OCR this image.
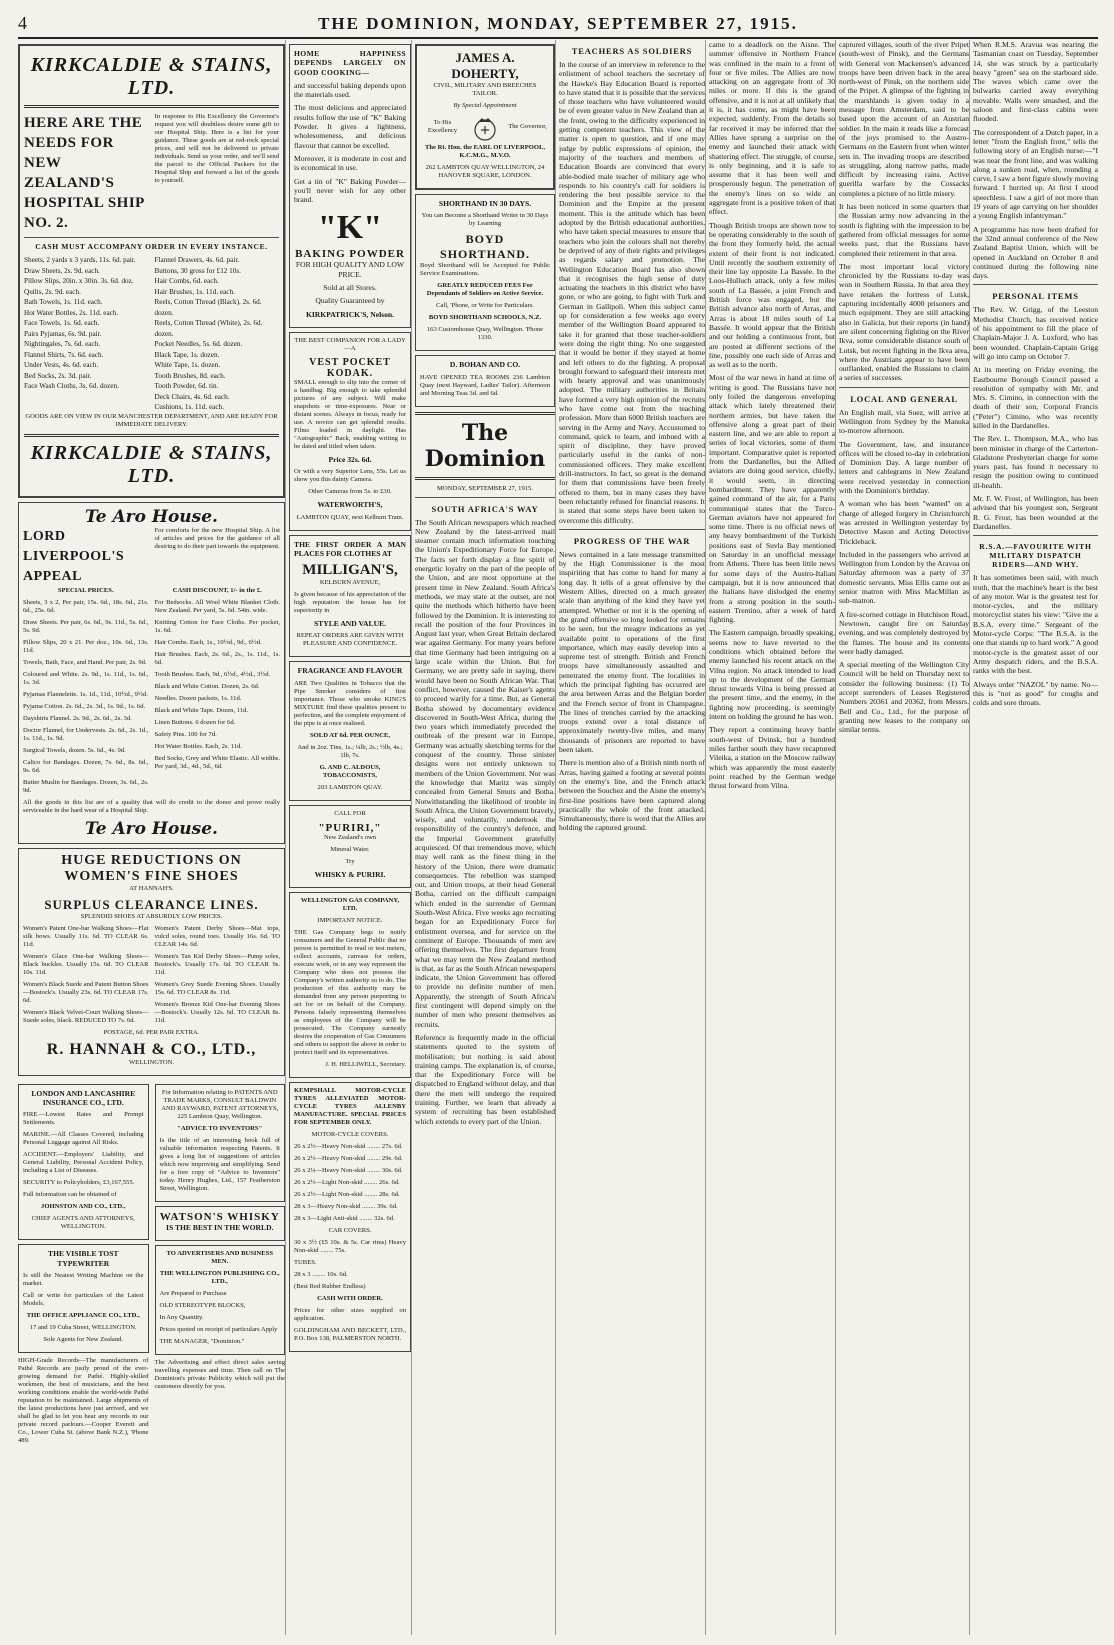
4	THE DOMINION, MONDAY, SEPTEMBER 27, 1915.
KIRKCALDIE & STAINS, LTD.
HERE ARE THE NEEDS FOR NEW ZEALAND'S HOSPITAL SHIP NO. 2.
In response to His Excellency the Governor's request you will doubtless desire some gift to our Hospital Ship. Here is a list for your guidance. These goods are at red-rock special prices, and will not be delivered to private individuals. Send us your order, and we'll send the parcel to the Official Packers for the Hospital Ship and forward a list of the goods to yourself.
CASH MUST ACCOMPANY ORDER IN EVERY INSTANCE.
Sheets, 2 yards x 3 yards, 11s. 6d. pair.
Draw Sheets, 2s. 9d. each.
Pillow Slips, 20in. x 30in. 3s. 6d. doz.
Quilts, 2s. 9d. each.
Bath Towels, 1s. 11d. each.
Hot Water Bottles, 2s. 11d. each.
Face Towels, 1s. 6d. each.
Pairs Pyjamas, 6s. 9d. pair.
Nightingales, 7s. 6d. each.
Flannel Shirts, 7s. 6d. each.
Under Vests, 4s. 6d. each.
Bed Socks, 2s. 3d. pair.
Face Wash Cloths, 3s. 6d. dozen.
Flannel Drawers, 4s. 6d. pair.
Buttons, 30 gross for £12 10s.
Hair Combs, 6d. each.
Hair Brushes, 1s. 11d. each.
Reels, Cotton Thread (Black), 2s. 6d. dozen.
Reels, Cotton Thread (White), 2s. 6d. dozen.
Pocket Needles, 5s. 6d. dozen.
Black Tape, 1s. dozen.
White Tape, 1s. dozen.
Tooth Brushes, 8d. each.
Tooth Powder, 6d. tin.
Deck Chairs, 4s. 6d. each.
Cushions, 1s. 11d. each.
GOODS ARE ON VIEW IN OUR MANCHESTER DEPARTMENT, AND ARE READY FOR IMMEDIATE DELIVERY.
KIRKCALDIE & STAINS, LTD.
Te Aro House.
LORD LIVERPOOL'S APPEAL
For comforts for the new Hospital Ship. A list of articles and prices for the guidance of all desiring to do their part towards the equipment.
SPECIAL PRICES.	CASH DISCOUNT, 1/- in the £.
Sheets, 3 x 2, Per pair, 15s. 6d., 18s. 6d., 21s. 6d., 25s. 6d.
Draw Sheets. Per pair, 6s. 6d., 9s. 11d., 5s. 6d., 5s. 9d.
Pillow Slips, 20 x 21. Per doz., 10s. 6d., 13s. 11d.
Towels, Bath, Face, and Hand. Per pair, 2s. 9d.
Coloured and White. 2s. 9d., 1s. 11d., 1s. 6d., 1s. 3d.
Pyjamas Flannelette. 1s. 1d., 11d., 10½d., 9½d.
Pyjama Cotton. 2s. 6d., 2s. 3d., 1s. 9d., 1s. 6d.
Dayshirts Flannel. 2s. 9d., 2s. 6d., 2s. 3d.
Doctor Flannel, for Undervests. 2s. 6d., 2s. 1d., 1s. 11d., 1s. 9d.
Surgical Towels, dozen. 5s. 6d., 4s. 9d.
Calico for Bandages. Dozen, 7s. 6d., 8s. 6d., 9s. 6d.
Butter Muslin for Bandages. Dozen, 3s. 6d., 2s. 9d.
For Bedsocks. All Wool White Blanket Cloth. New Zealand. Per yard, 5s. 6d. 54in. wide.
Knitting Cotton for Face Cloths. Per pocket, 1s. 6d.
Hair Combs. Each, 1s., 10½d., 9d., 6½d.
Hair Brushes. Each, 2s. 6d., 2s., 1s. 11d., 1s. 6d.
Tooth Brushes. Each, 9d., 6½d., 4½d., 3½d.
Black and White Cotton. Dozen, 2s. 6d.
Needles. Dozen packets, 1s. 11d.
Black and White Tape. Dozen, 11d.
Linen Buttons. 6 dozen for 6d.
Safety Pins. 100 for 7d.
Hot Water Bottles. Each, 2s. 11d.
Bed Socks, Grey and White Elastic. All widths. Per yard, 3d., 4d., 5d., 6d.
All the goods in this list are of a quality that will do credit to the donor and prove really serviceable in the hard wear of a Hospital Ship.
Te Aro House.
HUGE REDUCTIONS ON WOMEN'S FINE SHOES
AT HANNAH'S.
SURPLUS CLEARANCE LINES.
SPLENDID SHOES AT ABSURDLY LOW PRICES.
Women's Patent One-bar Walking Shoes—Flat silk bows. Usually 11s. 6d. TO CLEAR 6s. 11d.
Women's Glace One-bar Walking Shoes—Black buckles. Usually 15s. 6d. TO CLEAR 10s. 11d.
Women's Black Suede and Patent Button Shoes—Bostock's. Usually 23s. 6d. TO CLEAR 17s. 6d.
Women's Black Velvet-Court Walking Shoes—Suede soles, black. REDUCED TO 7s. 6d.
Women's Patent Derby Shoes—Mat tops, vulcd soles, round toes. Usually 16s. 6d. TO CLEAR 14s. 6d.
Women's Tan Kid Derby Shoes—Pump soles, Bostock's. Usually 17s. 6d. TO CLEAR 9s. 11d.
Women's Grey Suede Evening Shoes. Usually 15s. 6d. TO CLEAR 8s. 11d.
Women's Bronze Kid One-bar Evening Shoes—Bostock's. Usually 12s. 6d. TO CLEAR 8s. 11d.
POSTAGE, 6d. PER PAIR EXTRA.
R. HANNAH & CO., LTD.,
WELLINGTON.
LONDON AND LANCASHIRE INSURANCE CO., LTD.
FIRE.—Lowest Rates and Prompt Settlements.
MARINE.—All Classes Covered, including Personal Luggage against All Risks.
ACCIDENT.—Employers' Liability, and General Liability, Personal Accident Policy, including a List of Diseases.
SECURITY to Policyholders, £3,167,555.
Full information can be obtained of
JOHNSTON AND CO., LTD.,
CHIEF AGENTS AND ATTORNEYS, WELLINGTON.
THE VISIBLE TOST TYPEWRITER
Is still the Neatest Writing Machine on the market.
Call or write for particulars of the Latest Models.
THE OFFICE APPLIANCE CO., LTD.,
17 and 19 Cuba Street, WELLINGTON.
Sole Agents for New Zealand.
HIGH-Grade Records—The manufacturers of Pathé Records are justly proud of the ever-growing demand for Pathé. Highly-skilled workmen, the best of musicians, and the best working conditions enable the world-wide Pathé reputation to be maintained. Large shipments of the latest productions have just arrived, and we shall be glad to let you hear any records in our private record parlours.—Cooper Everett and Co., Lower Cuba St. (above Bank N.Z.), 'Phone 489.
For Information relating to PATENTS AND TRADE MARKS, CONSULT BALDWIN AND RAYWARD, PATENT ATTORNEYS, 225 Lambton Quay, Wellington.
"ADVICE TO INVENTORS"
Is the title of an interesting book full of valuable information respecting Patents. It gives a long list of suggestions of articles which now improving and simplifying. Send for a free copy of "Advice to Inventors" today. Henry Hughes, Ltd., 157 Featherston Street, Wellington.
WATSON'S WHISKY
IS THE BEST IN THE WORLD.
TO ADVERTISERS AND BUSINESS MEN.
THE WELLINGTON PUBLISHING CO., LTD.,
Are Prepared to Purchase
OLD STEREOTYPE BLOCKS,
In Any Quantity.
Prices quoted on receipt of particulars Apply
THE MANAGER, "Dominion."
The Advertising and effect direct sales saving travelling expenses and time. Then call on The Dominion's private Publicity which will put the customers directly for you.
HOME HAPPINESS DEPENDS LARGELY ON GOOD COOKING—
and successful baking depends upon the materials used.
The most delicious and appreciated results follow the use of "K" Baking Powder. It gives a lightness, wholesomeness, and delicious flavour that cannot be excelled.
Moreover, it is moderate in cost and is economical in use.
Get a tin of "K" Baking Powder—you'll never wish for any other brand.
"K"
BAKING POWDER
FOR HIGH QUALITY AND LOW PRICE.
Sold at all Stores.
Quality Guaranteed by
KIRKPATRICK'S, Nelson.
THE BEST COMPANION FOR A LADY—A
VEST POCKET KODAK.
SMALL enough to slip into the corner of a handbag. Big enough to take splendid pictures of any subject. Will make snapshots or time-exposures. Near or distant scenes. Always in focus, ready for use. A novice can get splendid results. Films loaded in daylight. Has "Autographic" Back, enabling writing to be dated and titled when taken.
Price 32s. 6d.
Or with a very Superior Lens, 55s. Let us show you this dainty Camera.
Other Cameras from 5s. to £30.
WATERWORTH'S,
LAMBTON QUAY, next Kelburn Tram.
THE FIRST ORDER A MAN PLACES FOR CLOTHES AT
MILLIGAN'S,
KELBURN AVENUE,
Is given because of his appreciation of the high reputation the house has for superiority in
STYLE AND VALUE.
REPEAT ORDERS ARE GIVEN WITH PLEASURE AND CONFIDENCE.
FRAGRANCE AND FLAVOUR
ARE Two Qualities in Tobacco that the Pipe Smoker considers of first importance. Those who smoke KING'S MIXTURE find these qualities present to perfection, and the complete enjoyment of the pipe is at once realised.
SOLD AT 6d. PER OUNCE,
And in 2oz. Tins, 1s.; ¼lb, 2s.; ½lb, 4s.; 1lb, 7s.
G. AND C. ALDOUS, TOBACCONISTS,
203 LAMBTON QUAY.
CALL FOR
"PURIRI,"
New Zealand's own
Mineral Water.
Try
WHISKY & PURIRI.
WELLINGTON GAS COMPANY, LTD.
IMPORTANT NOTICE.
THE Gas Company begs to notify consumers and the General Public that no person is permitted to read or test meters, collect accounts, canvass for orders, execute work, or in any way represent the Company who does not possess the Company's written authority so to do. The production of this authority may be demanded from any person purporting to act for or on behalf of the Company. Persons falsely representing themselves as employees of the Company will be prosecuted. The Company earnestly desires the cooperation of Gas Consumers and others to support the above in order to protect itself and its representatives.
J. H. HELLIWELL, Secretary.
KEMPSHALL MOTOR-CYCLE TYRES ALLEVIATED MOTOR-CYCLE TYRES ALLENBY MANUFACTURE. SPECIAL PRICES FOR SEPTEMBER ONLY.
MOTOR-CYCLE COVERS.
26 x 2½—Heavy Non-skid ........ 27s. 6d.
26 x 2½—Heavy Non-skid ........ 29s. 6d.
26 x 2¼—Heavy Non-skid ........ 30s. 6d.
26 x 2½—Light Non-skid ........ 26s. 6d.
26 x 2½—Light Non-skid ........ 28s. 6d.
28 x 3—Heavy Non-skid ........ 39s. 6d.
28 x 3—Light Anti-skid ........ 32s. 6d.
CAR COVERS.
30 x 3½ (£5 10s. & 5s. Car rims) Heavy Non-skid ........ 75s.
TUBES.
28 x 3 ........ 10s. 6d.
(Best Red Rubber Endless)
CASH WITH ORDER.
Prices for other sizes supplied on application.
GOLDINGHAM AND BECKETT, LTD., P.O. Box 138, PALMERSTON NORTH.
JAMES A. DOHERTY,
CIVIL, MILITARY AND BREECHES TAILOR.
By Special Appointment
To His Excellency
The Governor,
The Rt. Hon. the EARL OF LIVERPOOL, K.C.M.G., M.V.O.
262 LAMBTON QUAY WELLINGTON, 24 HANOVER SQUARE, LONDON.
SHORTHAND IN 30 DAYS.
You can Become a Shorthand Writer in 30 Days by Learning
BOYD SHORTHAND.
Boyd Shorthand will be Accepted for Public Service Examinations.
GREATLY REDUCED FEES For Dependants of Soldiers on Active Service.
Call, 'Phone, or Write for Particulars.
BOYD SHORTHAND SCHOOLS, N.Z.
163 Customhouse Quay, Wellington. 'Phone 1330.
D. BOHAN AND CO.
HAVE OPENED TEA ROOMS 236 Lambton Quay (next Hayward, Ladies' Tailor). Afternoon and Morning Teas 3d. and 6d.
The Dominion
MONDAY, SEPTEMBER 27, 1915.
SOUTH AFRICA'S WAY
The South African newspapers which reached New Zealand by the latest-arrived mail steamer contain much information touching the Union's Expeditionary Force for Europe. The facts set forth display a fine spirit of energetic loyalty on the part of the people of the Union, and are most opportune at the present time in New Zealand. South Africa's methods, we may state at the outset, are not quite the methods which hitherto have been followed by the Dominion. It is interesting to recall the position of the four Provinces in August last year, when Great Britain declared war against Germany. For many years before that time Germany had been intriguing on a large scale within the Union. But for Germany, we are pretty safe in saying, there would have been no South African War. That conflict, however, caused the Kaiser's agents to proceed warily for a time. But, as General Botha showed by documentary evidence discovered in South-West Africa, during the two years which immediately preceded the outbreak of the present war in Europe, Germany was actually sketching terms for the conquest of the country. Those sinister designs were not entirely unknown to members of the Union Government. Nor was the knowledge that Maritz was simply concealed from General Smuts and Botha. Notwithstanding the likelihood of trouble in South Africa, the Union Government bravely, wisely, and voluntarily, undertook the responsibility of the country's defence, and the Imperial Government gratefully acquiesced. Of that tremendous move, which may well rank as the finest thing in the history of the Union, there were dramatic consequences. The rebellion was stamped out, and Union troops, at their head General Botha, carried on the difficult campaign which ended in the surrender of German South-West Africa. Five weeks ago recruiting began for an Expeditionary Force for enlistment oversea, and for service on the continent of Europe. Thousands of men are offering themselves. The first departure from what we may term the New Zealand method is that, as far as the South African newspapers indicate, the Union Government has offered to provide no definite number of men. Apparently, the strength of South Africa's first contingent will depend simply on the number of men who present themselves as recruits.
Reference is frequently made in the official statements quoted to the system of mobilisation; but nothing is said about training camps. The explanation is, of course, that the Expeditionary Force will be dispatched to England without delay, and that there the men will undergo the required training. Further, we learn that already a system of recruiting has been established which extends to every part of the Union.
TEACHERS AS SOLDIERS
In the course of an interview in reference to the enlistment of school teachers the secretary of the Hawke's Bay Education Board is reported to have stated that it is possible that the services of those teachers who have volunteered would be of even greater value in New Zealand than at the front, owing to the difficulty experienced in getting competent teachers. This view of the matter is open to question, and if one may judge by public expressions of opinion, the majority of the teachers and members of Education Boards are convinced that every able-bodied male teacher of military age who responds to his country's call for soldiers is rendering the best possible service to the Dominion and the Empire at the present moment. This is the attitude which has been adopted by the British educational authorities, who have taken special measures to ensure that teachers who join the colours shall not thereby be deprived of any of their rights and privileges as regards salary and promotion. The Wellington Education Board has also shown that it recognises the high sense of duty actuating the teachers in this district who have gone, or who are going, to fight with Turk and German in Gallipoli. When this subject came up for consideration a few weeks ago every member of the Wellington Board appeared to take it for granted that those teacher-soldiers were doing the right thing. No one suggested that it would be better if they stayed at home and left others to do the fighting. A proposal brought forward to safeguard their interests met with hearty approval and was unanimously adopted. The military authorities in Britain have formed a very high opinion of the recruits who have come out from the teaching profession. More than 6000 British teachers are serving in the Army and Navy. Accustomed to command, quick to learn, and imbued with a spirit of discipline, they have proved particularly useful in the ranks of non-commissioned officers. They make excellent drill-instructors. In fact, so great is the demand for them that commissions have been freely offered to them, but in many cases they have been reluctantly refused for financial reasons. It is stated that some steps have been taken to overcome this difficulty.
PROGRESS OF THE WAR
News contained in a late message transmitted by the High Commissioner is the most inspiriting that has come to hand for many a long day. It tells of a great offensive by the Western Allies, directed on a much greater scale than anything of the kind they have yet attempted. Whether or not it is the opening of the grand offensive so long looked for remains to be seen, but the meagre indications as yet available point to operations of the first importance, which may easily develop into a supreme test of strength. British and French troops have simultaneously assaulted and penetrated the enemy front. The localities in which the principal fighting has occurred are the area between Arras and the Belgian border and the French sector of front in Champagne. The lines of trenches carried by the attacking troops extend over a total distance of approximately twenty-five miles, and many thousands of prisoners are reported to have been taken.
There is mention also of a British ninth north of Arras, having gained a footing at several points on the enemy's line, and the French attack between the Souchez and the Aisne the enemy's first-line positions have been captured along practically the whole of the front attacked. Simultaneously, there is word that the Allies are holding the captured ground.
came to a deadlock on the Aisne. The summer offensive in Northern France was confined in the main to a front of four or five miles. The Allies are now attacking on an aggregate front of 30 miles or more. If this is the grand offensive, and it is not at all unlikely that it is, it has come, as might have been expected, suddenly. From the details so far received it may be inferred that the Allies have sprung a surprise on the enemy and launched their attack with shattering effect. The struggle, of course, is only beginning, and it is safe to assume that it has been well and prosperously begun. The penetration of the enemy's lines on so wide an aggregate front is a positive token of that effect.
Though British troops are shown now to be operating considerably to the south of the front they formerly held, the actual extent of their front is not indicated. Until recently the southern extremity of their line lay opposite La Bassée. In the Loos-Hulluch attack, only a few miles south of La Bassée, a joint French and British force was engaged, but the British advance also north of Arras, and Arras is about 18 miles south of La Bassée. It would appear that the British and our holding a continuous front, but are posted at different sections of the line, possibly one each side of Arras and as well as to the north.
Most of the war news in hand at time of writing is good. The Russians have not only foiled the dangerous enveloping attack which lately threatened their northern armies, but have taken the offensive along a great part of their eastern line, and we are able to report a series of local victories, some of them important. Comparative quiet is reported from the Dardanelles, but the Allied aviators are doing good service, chiefly, it would seem, in directing bombardment. They have apparently gained command of the air, for a Paris communiqué states that the Turco-German aviators have not appeared for some time. There is no official news of any heavy bombardment of the Turkish positions east of Suvla Bay mentioned on Saturday in an unofficial message from Athens. There has been little news for some days of the Austro-Italian campaign, but it is now announced that the Italians have dislodged the enemy from a strong position in the south-eastern Trentino, after a week of hard fighting.
The Eastern campaign, broadly speaking, seems now to have reverted to the conditions which obtained before the enemy launched his recent attack on the Vilna region. No attack intended to lead up to the development of the German thrust towards Vilna is being pressed at the present time, and the enemy, in the fighting now proceeding, is seemingly intent on holding the ground he has won.
They report a continuing heavy battle south-west of Dvinsk, but a hundred miles farther south they have recaptured Vileika, a station on the Moscow railway which was apparently the most easterly point reached by the German wedge thrust forward from Vilna.
captured villages, south of the river Pripet (south-west of Pinsk), and the Germans with General von Mackensen's advanced troops have been driven back in the area north-west of Pinsk, on the northern side of the Pripet. A glimpse of the fighting in the marshlands is given today in a message from Amsterdam, said to be based upon the account of an Austrian soldier. In the main it reads like a forecast of the joys promised to the Austro-Germans on the Eastern front when winter sets in. The invading troops are described as struggling, along narrow paths, made difficult by increasing rains. Active guerilla warfare by the Cossacks completes a picture of no little misery.
It has been noticed in some quarters that the Russian army now advancing in the south is fighting with the impression to be gathered from official messages for some weeks past, that the Russians have completed their retirement in that area.
The most important local victory chronicled by the Russians to-day was won in Southern Russia. In that area they have retaken the fortress of Lutsk, capturing incidentally 4000 prisoners and much equipment. They are still attacking also in Galicia, but their reports (in hand) are silent concerning fighting on the River Ikva, some considerable distance south of Lutsk, but recent fighting in the Ikva area, where the Austrians appear to have been outflanked, enabled the Russians to claim a series of successes.
LOCAL AND GENERAL
An English mail, via Suez, will arrive at Wellington from Sydney by the Manuka to-morrow afternoon.
The Government, law, and insurance offices will be closed to-day in celebration of Dominion Day. A large number of letters and cablegrams in New Zealand were received yesterday in connection with the Dominion's birthday.
A woman who has been "wanted" on a charge of alleged forgery in Christchurch was arrested in Wellington yesterday by Detective Mason and Acting Detective Trickleback.
Included in the passengers who arrived at Wellington from London by the Aravua on Saturday afternoon was a party of 37 domestic servants. Miss Ellis came out as senior matron with Miss MacMillan as sub-matron.
A fire-scorned cottage in Hutchison Road, Newtown, caught fire on Saturday evening, and was completely destroyed by the flames. The house and its contents were badly damaged.
A special meeting of the Wellington City Council will be held on Thursday next to consider the following business: (1) To accept surrenders of Leases Registered Numbers 20361 and 20362, from Messrs. Bell and Co., Ltd., for the purpose of granting new leases to the company on similar terms.
When R.M.S. Aravua was nearing the Tasmanian coast on Tuesday, September 14, she was struck by a particularly heavy "green" sea on the starboard side. The waves which came over the bulwarks carried away everything movable. Walls were smashed, and the saloon and first-class cabins were flooded.
The correspondent of a Dutch paper, in a letter "from the English front," tells the following story of an English nurse:—"I was near the front line, and was walking along a sunken road, when, rounding a curve, I saw a bent figure slowly moving forward. I hurried up. At first I stood speechless. I saw a girl of not more than 19 years of age carrying on her shoulder a young English infantryman."
A programme has now been drafted for the 32nd annual conference of the New Zealand Baptist Union, which will be opened in Auckland on October 8 and continued during the following nine days.
PERSONAL ITEMS
The Rev. W. Grigg, of the Leeston Methodist Church, has received notice of his appointment to fill the place of Chaplain-Major J. A. Luxford, who has been wounded. Chaplain-Captain Grigg will go into camp on October 7.
At its meeting on Friday evening, the Eastbourne Borough Council passed a resolution of sympathy with Mr. and Mrs. S. Cimino, in connection with the death of their son, Corporal Francis ("Peter") Cimino, who was recently killed in the Dardanelles.
The Rev. L. Thompson, M.A., who has been minister in charge of the Carterton-Gladstone Presbyterian charge for some years past, has found it necessary to resign the position owing to continued ill-health.
Mr. F. W. Frost, of Wellington, has been advised that his youngest son, Sergeant R. G. Frost, has been wounded at the Dardanelles.
R.S.A.—FAVOURITE WITH MILITARY DISPATCH RIDERS—AND WHY.
It has sometimes been said, with much truth, that the machine's heart is the best of any motor. War is the greatest test for motor-cycles, and the military motorcyclist states his view: "Give me a B.S.A. every time." Sergeant of the Motor-cycle Corps: "The B.S.A. is the one that stands up to hard work." A good motor-cycle is the greatest asset of our Army despatch riders, and the B.S.A. ranks with the best.
Always order "NAZOL" by name. No—this is "not as good" for coughs and colds and sore throats.
